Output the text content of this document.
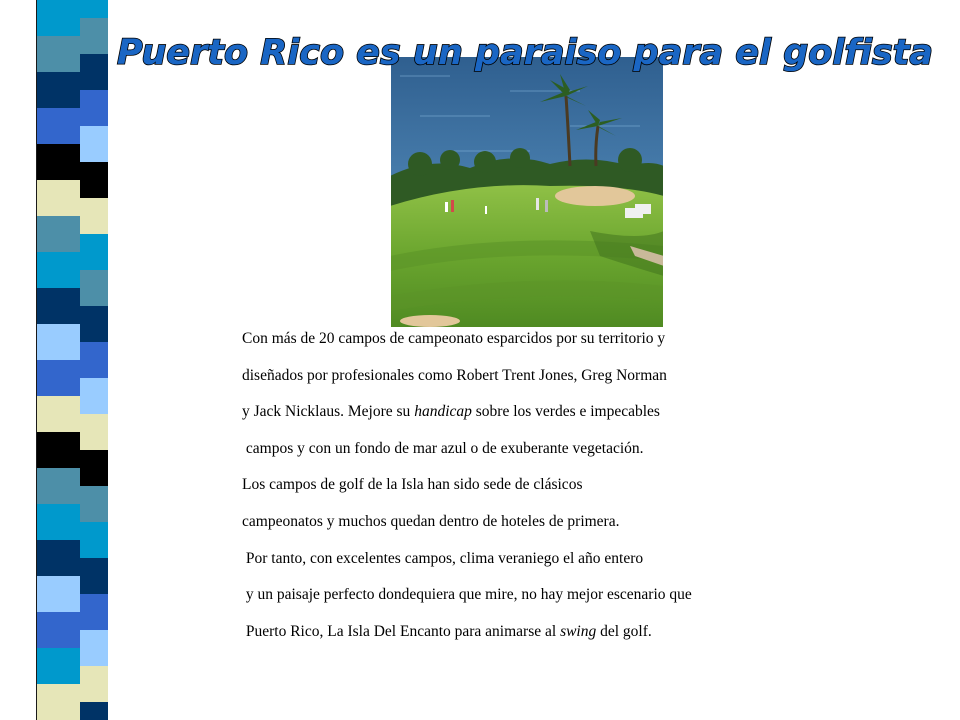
Puerto Rico es un paraiso para el golfista
Con más de 20 campos de campeonato esparcidos por su territorio y
diseñados por profesionales como Robert Trent Jones, Greg Norman
y Jack Nicklaus. Mejore su handicap sobre los verdes e impecables
campos y con un fondo de mar azul o de exuberante vegetación.
Los campos de golf de la Isla han sido sede de clásicos
campeonatos y muchos quedan dentro de hoteles de primera.
Por tanto, con excelentes campos, clima veraniego el año entero
y un paisaje perfecto dondequiera que mire, no hay mejor escenario que
Puerto Rico, La Isla Del Encanto para animarse al swing del golf.
